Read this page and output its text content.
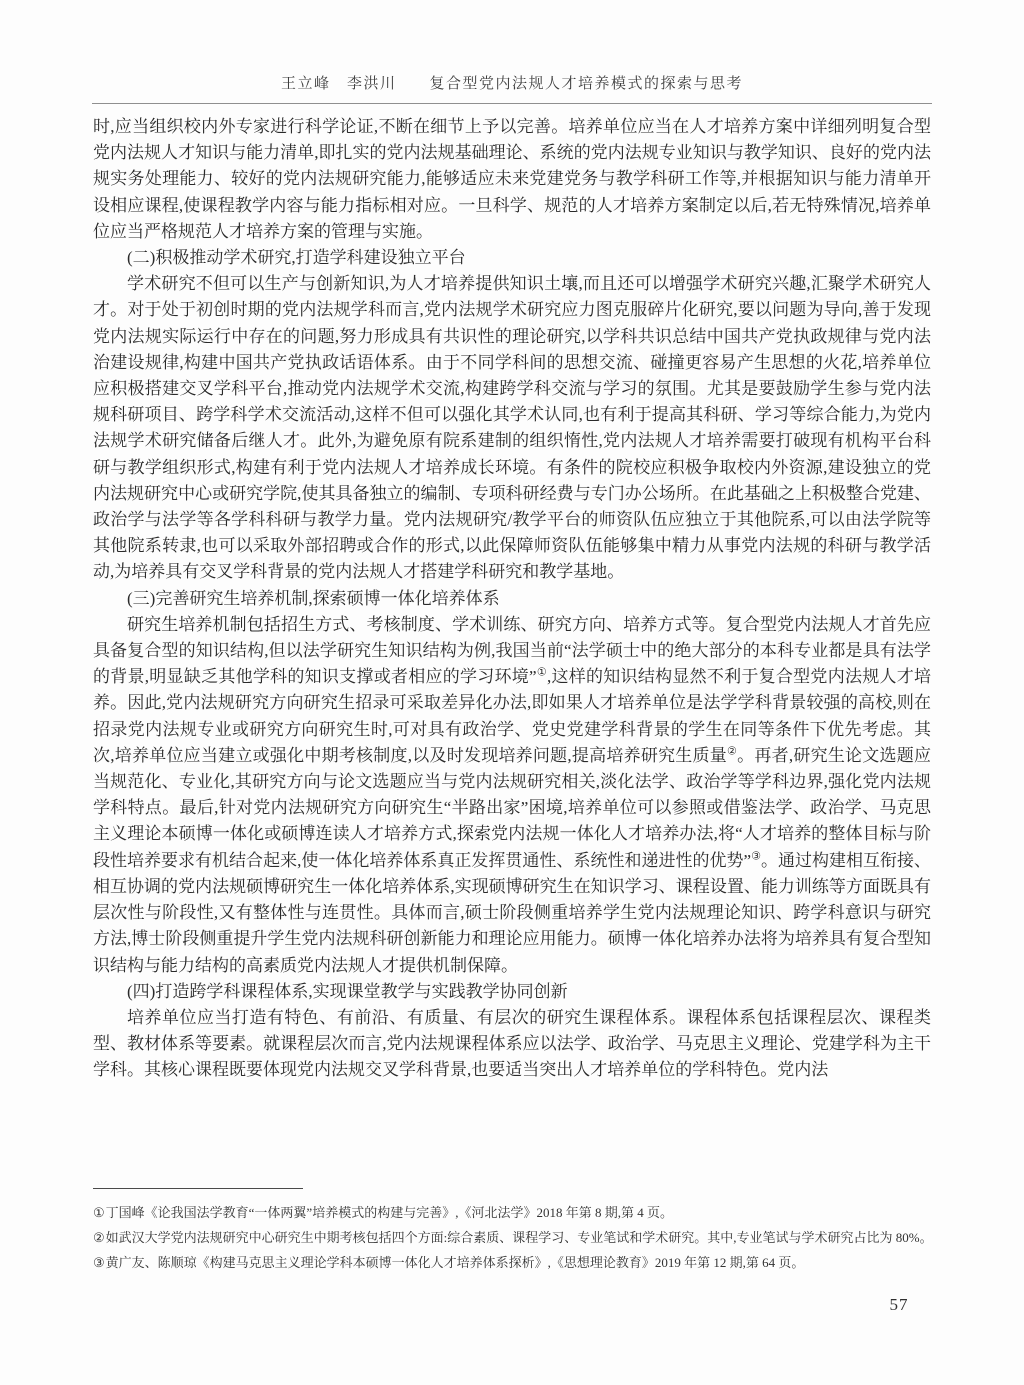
王立峰　李洪川　　复合型党内法规人才培养模式的探索与思考

时,应当组织校内外专家进行科学论证,不断在细节上予以完善。培养单位应当在人才培养方案中详细列明复合型党内法规人才知识与能力清单,即扎实的党内法规基础理论、系统的党内法规专业知识与教学知识、良好的党内法规实务处理能力、较好的党内法规研究能力,能够适应未来党建党务与教学科研工作等,并根据知识与能力清单开设相应课程,使课程教学内容与能力指标相对应。一旦科学、规范的人才培养方案制定以后,若无特殊情况,培养单位应当严格规范人才培养方案的管理与实施。

(二)积极推动学术研究,打造学科建设独立平台

学术研究不但可以生产与创新知识,为人才培养提供知识土壤,而且还可以增强学术研究兴趣,汇聚学术研究人才。对于处于初创时期的党内法规学科而言,党内法规学术研究应力图克服碎片化研究,要以问题为导向,善于发现党内法规实际运行中存在的问题,努力形成具有共识性的理论研究,以学科共识总结中国共产党执政规律与党内法治建设规律,构建中国共产党执政话语体系。由于不同学科间的思想交流、碰撞更容易产生思想的火花,培养单位应积极搭建交叉学科平台,推动党内法规学术交流,构建跨学科交流与学习的氛围。尤其是要鼓励学生参与党内法规科研项目、跨学科学术交流活动,这样不但可以强化其学术认同,也有利于提高其科研、学习等综合能力,为党内法规学术研究储备后继人才。此外,为避免原有院系建制的组织惰性,党内法规人才培养需要打破现有机构平台科研与教学组织形式,构建有利于党内法规人才培养成长环境。有条件的院校应积极争取校内外资源,建设独立的党内法规研究中心或研究学院,使其具备独立的编制、专项科研经费与专门办公场所。在此基础之上积极整合党建、政治学与法学等各学科科研与教学力量。党内法规研究/教学平台的师资队伍应独立于其他院系,可以由法学院等其他院系转隶,也可以采取外部招聘或合作的形式,以此保障师资队伍能够集中精力从事党内法规的科研与教学活动,为培养具有交叉学科背景的党内法规人才搭建学科研究和教学基地。

(三)完善研究生培养机制,探索硕博一体化培养体系

研究生培养机制包括招生方式、考核制度、学术训练、研究方向、培养方式等。复合型党内法规人才首先应具备复合型的知识结构,但以法学研究生知识结构为例,我国当前“法学硕士中的绝大部分的本科专业都是具有法学的背景,明显缺乏其他学科的知识支撑或者相应的学习环境”①,这样的知识结构显然不利于复合型党内法规人才培养。因此,党内法规研究方向研究生招录可采取差异化办法,即如果人才培养单位是法学学科背景较强的高校,则在招录党内法规专业或研究方向研究生时,可对具有政治学、党史党建学科背景的学生在同等条件下优先考虑。其次,培养单位应当建立或强化中期考核制度,以及时发现培养问题,提高培养研究生质量②。再者,研究生论文选题应当规范化、专业化,其研究方向与论文选题应当与党内法规研究相关,淡化法学、政治学等学科边界,强化党内法规学科特点。最后,针对党内法规研究方向研究生“半路出家”困境,培养单位可以参照或借鉴法学、政治学、马克思主义理论本硕博一体化或硕博连读人才培养方式,探索党内法规一体化人才培养办法,将“人才培养的整体目标与阶段性培养要求有机结合起来,使一体化培养体系真正发挥贯通性、系统性和递进性的优势”③。通过构建相互衔接、相互协调的党内法规硕博研究生一体化培养体系,实现硕博研究生在知识学习、课程设置、能力训练等方面既具有层次性与阶段性,又有整体性与连贯性。具体而言,硕士阶段侧重培养学生党内法规理论知识、跨学科意识与研究方法,博士阶段侧重提升学生党内法规科研创新能力和理论应用能力。硕博一体化培养办法将为培养具有复合型知识结构与能力结构的高素质党内法规人才提供机制保障。

(四)打造跨学科课程体系,实现课堂教学与实践教学协同创新

培养单位应当打造有特色、有前沿、有质量、有层次的研究生课程体系。课程体系包括课程层次、课程类型、教材体系等要素。就课程层次而言,党内法规课程体系应以法学、政治学、马克思主义理论、党建学科为主干学科。其核心课程既要体现党内法规交叉学科背景,也要适当突出人才培养单位的学科特色。党内法

①丁国峰《论我国法学教育“一体两翼”培养模式的构建与完善》,《河北法学》2018 年第 8 期,第 4 页。

②如武汉大学党内法规研究中心研究生中期考核包括四个方面:综合素质、课程学习、专业笔试和学术研究。其中,专业笔试与学术研究占比为 80%。

③黄广友、陈顺琼《构建马克思主义理论学科本硕博一体化人才培养体系探析》,《思想理论教育》2019 年第 12 期,第 64 页。

57
